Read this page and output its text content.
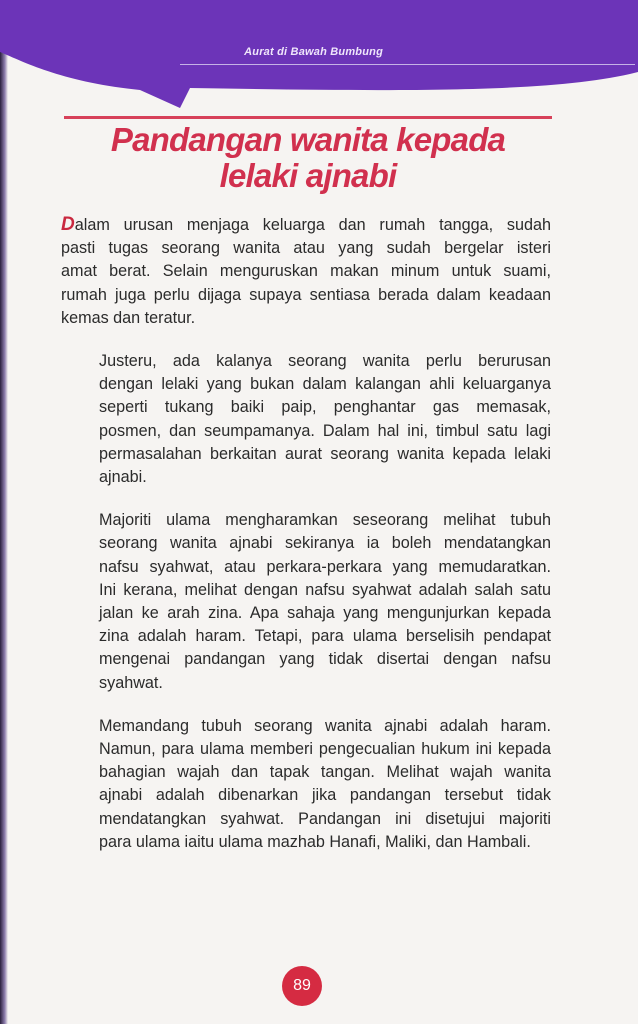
Aurat di Bawah Bumbung
Pandangan wanita kepada
lelaki ajnabi

Dalam urusan menjaga keluarga dan rumah tangga, sudah
pasti tugas seorang wanita atau yang sudah bergelar isteri
amat berat. Selain menguruskan makan minum untuk suami,
rumah juga perlu dijaga supaya sentiasa berada dalam keadaan
kemas dan teratur.

Justeru, ada kalanya seorang wanita perlu berurusan
dengan lelaki yang bukan dalam kalangan ahli keluarganya
seperti tukang baiki paip, penghantar gas memasak,
posmen, dan seumpamanya. Dalam hal ini, timbul satu lagi
permasalahan berkaitan aurat seorang wanita kepada lelaki
ajnabi.

Majoriti ulama mengharamkan seseorang melihat tubuh
seorang wanita ajnabi sekiranya ia boleh mendatangkan
nafsu syahwat, atau perkara-perkara yang memudaratkan.
Ini kerana, melihat dengan nafsu syahwat adalah salah satu
jalan ke arah zina. Apa sahaja yang mengunjurkan kepada
zina adalah haram. Tetapi, para ulama berselisih pendapat
mengenai pandangan yang tidak disertai dengan nafsu
syahwat.

Memandang tubuh seorang wanita ajnabi adalah haram.
Namun, para ulama memberi pengecualian hukum ini kepada
bahagian wajah dan tapak tangan. Melihat wajah wanita
ajnabi adalah dibenarkan jika pandangan tersebut tidak
mendatangkan syahwat. Pandangan ini disetujui majoriti
para ulama iaitu ulama mazhab Hanafi, Maliki, dan Hambali.

89
